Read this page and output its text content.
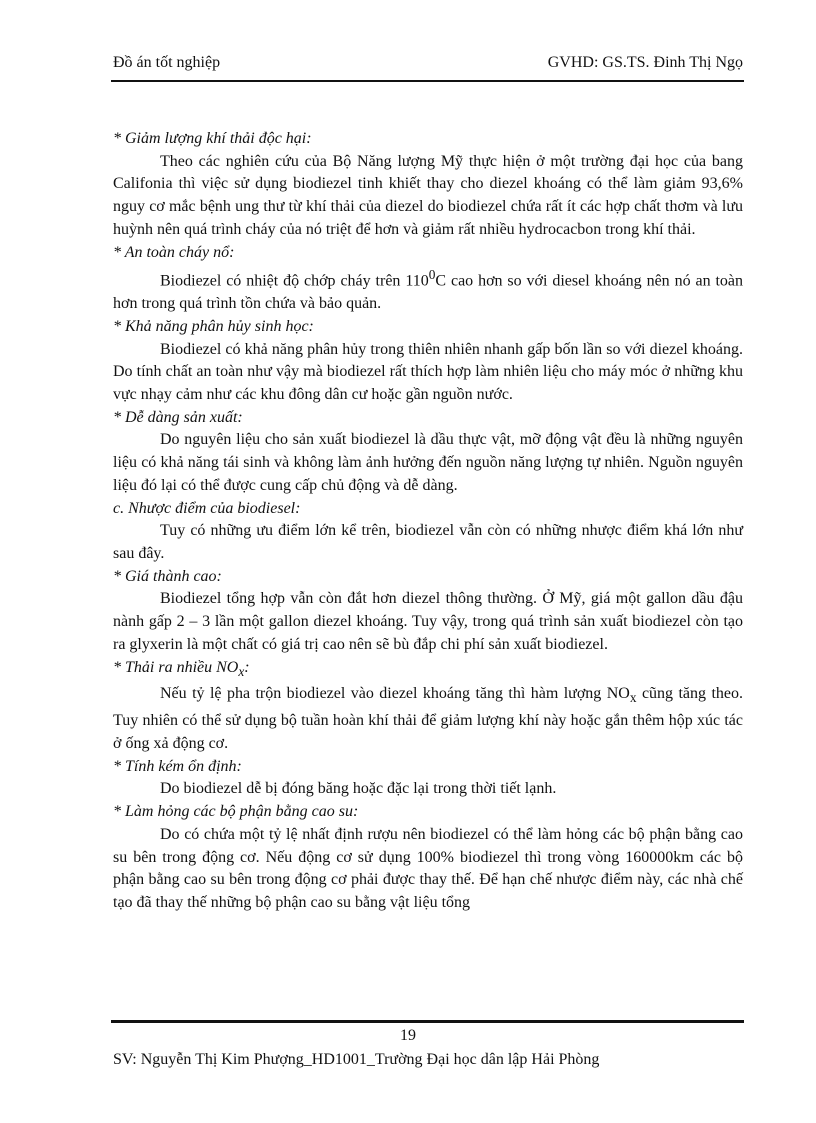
Đồ án tốt nghiệp	GVHD: GS.TS. Đinh Thị Ngọ

* Giảm lượng khí thải độc hại:

Theo các nghiên cứu của Bộ Năng lượng Mỹ thực hiện ở một trường đại học của bang Califonia thì việc sử dụng biodiezel tinh khiết thay cho diezel khoáng có thể làm giảm 93,6% nguy cơ mắc bệnh ung thư từ khí thải của diezel do biodiezel chứa rất ít các hợp chất thơm và lưu huỳnh nên quá trình cháy của nó triệt để hơn và giảm rất nhiều hydrocacbon trong khí thải.

* An toàn cháy nổ:

Biodiezel có nhiệt độ chớp cháy trên $110^0C$ cao hơn so với diesel khoáng nên nó an toàn hơn trong quá trình tồn chứa và bảo quản.

* Khả năng phân hủy sinh học:

Biodiezel có khả năng phân hủy trong thiên nhiên nhanh gấp bốn lần so với diezel khoáng. Do tính chất an toàn như vậy mà biodiezel rất thích hợp làm nhiên liệu cho máy móc ở những khu vực nhạy cảm như các khu đông dân cư hoặc gần nguồn nước.

* Dễ dàng sản xuất:

Do nguyên liệu cho sản xuất biodiezel là dầu thực vật, mỡ động vật đều là những nguyên liệu có khả năng tái sinh và không làm ảnh hưởng đến nguồn năng lượng tự nhiên. Nguồn nguyên liệu đó lại có thể được cung cấp chủ động và dễ dàng.

c. Nhược điểm của biodiesel:

Tuy có những ưu điểm lớn kể trên, biodiezel vẫn còn có những nhược điểm khá lớn như sau đây.

* Giá thành cao:

Biodiezel tổng hợp vẫn còn đắt hơn diezel thông thường. Ở Mỹ, giá một gallon dầu đậu nành gấp 2 – 3 lần một gallon diezel khoáng. Tuy vậy, trong quá trình sản xuất biodiezel còn tạo ra glyxerin là một chất có giá trị cao nên sẽ bù đắp chi phí sản xuất biodiezel.

* Thải ra nhiều $NO_x$:

Nếu tỷ lệ pha trộn biodiezel vào diezel khoáng tăng thì hàm lượng $NO_x$ cũng tăng theo. Tuy nhiên có thể sử dụng bộ tuần hoàn khí thải để giảm lượng khí này hoặc gắn thêm hộp xúc tác ở ống xả động cơ.

* Tính kém ổn định:

Do biodiezel dễ bị đóng băng hoặc đặc lại trong thời tiết lạnh.

* Làm hỏng các bộ phận bằng cao su:

Do có chứa một tỷ lệ nhất định rượu nên biodiezel có thể làm hỏng các bộ phận bằng cao su bên trong động cơ. Nếu động cơ sử dụng 100% biodiezel thì trong vòng 160000km các bộ phận bằng cao su bên trong động cơ phải được thay thế. Để hạn chế nhược điểm này, các nhà chế tạo đã thay thế những bộ phận cao su bằng vật liệu tổng

19
SV: Nguyễn Thị Kim Phượng_HD1001_Trường Đại học dân lập Hải Phòng
